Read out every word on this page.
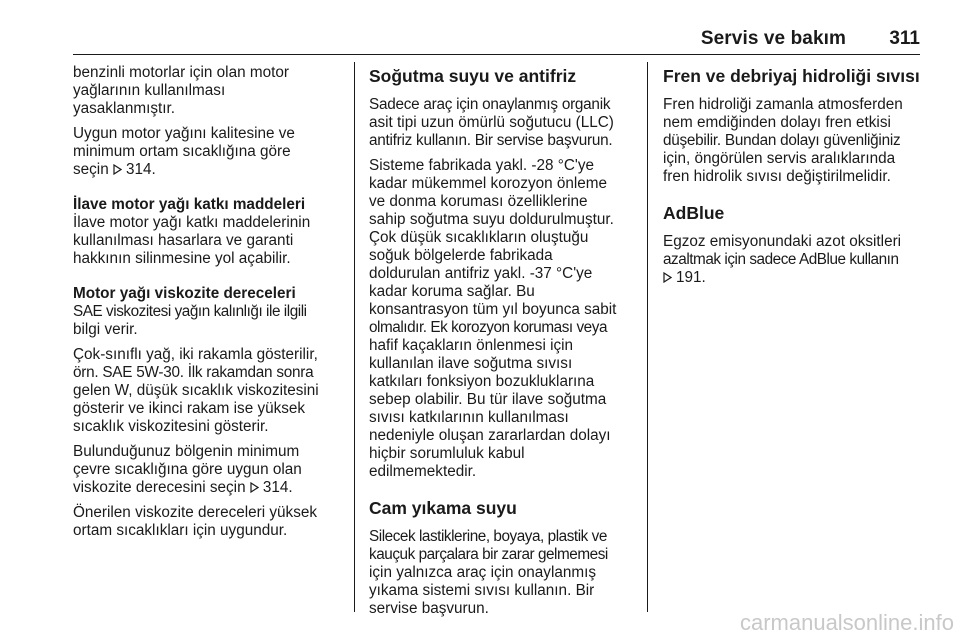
Servis ve bakım 311

benzinli motorlar için olan motor
yağlarının kullanılması
yasaklanmıştır.

Uygun motor yağını kalitesine ve
minimum ortam sıcaklığına göre
seçin 314.

İlave motor yağı katkı maddeleri

İlave motor yağı katkı maddelerinin
kullanılması hasarlara ve garanti
hakkının silinmesine yol açabilir.

Motor yağı viskozite dereceleri

SAE viskozitesi yağın kalınlığı ile ilgili
bilgi verir.

Çok-sınıflı yağ, iki rakamla gösterilir,
örn. SAE 5W-30. İlk rakamdan sonra
gelen W, düşük sıcaklık viskozitesini
gösterir ve ikinci rakam ise yüksek
sıcaklık viskozitesini gösterir.

Bulunduğunuz bölgenin minimum
çevre sıcaklığına göre uygun olan
viskozite derecesini seçin 314.

Önerilen viskozite dereceleri yüksek
ortam sıcaklıkları için uygundur.

Soğutma suyu ve antifriz

Sadece araç için onaylanmış organik
asit tipi uzun ömürlü soğutucu (LLC)
antifriz kullanın. Bir servise başvurun.

Sisteme fabrikada yakl. -28 °C'ye
kadar mükemmel korozyon önleme
ve donma koruması özelliklerine
sahip soğutma suyu doldurulmuştur.
Çok düşük sıcaklıkların oluştuğu
soğuk bölgelerde fabrikada
doldurulan antifriz yakl. -37 °C'ye
kadar koruma sağlar. Bu
konsantrasyon tüm yıl boyunca sabit
olmalıdır. Ek korozyon koruması veya
hafif kaçakların önlenmesi için
kullanılan ilave soğutma sıvısı
katkıları fonksiyon bozukluklarına
sebep olabilir. Bu tür ilave soğutma
sıvısı katkılarının kullanılması
nedeniyle oluşan zararlardan dolayı
hiçbir sorumluluk kabul
edilmemektedir.

Cam yıkama suyu

Silecek lastiklerine, boyaya, plastik ve
kauçuk parçalara bir zarar gelmemesi
için yalnızca araç için onaylanmış
yıkama sistemi sıvısı kullanın. Bir
servise başvurun.

Fren ve debriyaj hidroliği sıvısı

Fren hidroliği zamanla atmosferden
nem emdiğinden dolayı fren etkisi
düşebilir. Bundan dolayı güvenliğiniz
için, öngörülen servis aralıklarında
fren hidrolik sıvısı değiştirilmelidir.

AdBlue

Egzoz emisyonundaki azot oksitleri
azaltmak için sadece AdBlue kullanın
191.

carmanualsonline.info
